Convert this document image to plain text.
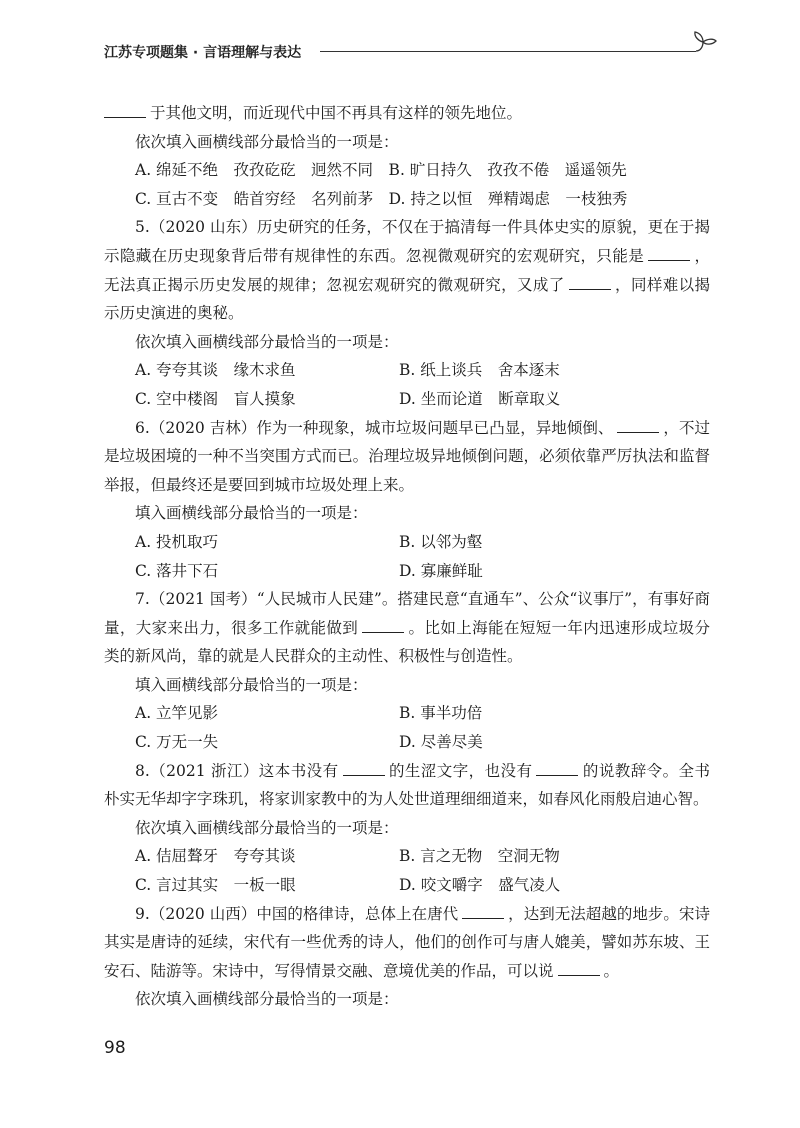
江苏专项题集 · 言语理解与表达

于其他文明，而近现代中国不再具有这样的领先地位。

依次填入画横线部分最恰当的一项是：

A. 绵延不绝　孜孜矻矻　迥然不同　B. 旷日持久　孜孜不倦　遥遥领先
C. 亘古不变　皓首穷经　名列前茅　D. 持之以恒　殚精竭虑　一枝独秀

5.（2020 山东）历史研究的任务，不仅在于搞清每一件具体史实的原貌，更在于揭示隐藏在历史现象背后带有规律性的东西。忽视微观研究的宏观研究，只能是	，无法真正揭示历史发展的规律；忽视宏观研究的微观研究，又成了	，同样难以揭示历史演进的奥秘。

依次填入画横线部分最恰当的一项是：

A. 夸夸其谈　缘木求鱼	B. 纸上谈兵　舍本逐末
C. 空中楼阁　盲人摸象	D. 坐而论道　断章取义

6.（2020 吉林）作为一种现象，城市垃圾问题早已凸显，异地倾倒、	，不过是垃圾困境的一种不当突围方式而已。治理垃圾异地倾倒问题，必须依靠严厉执法和监督举报，但最终还是要回到城市垃圾处理上来。

填入画横线部分最恰当的一项是：

A. 投机取巧	B. 以邻为壑
C. 落井下石	D. 寡廉鲜耻

7.（2021 国考）“人民城市人民建”。搭建民意“直通车”、公众“议事厅”，有事好商量，大家来出力，很多工作就能做到	。比如上海能在短短一年内迅速形成垃圾分类的新风尚，靠的就是人民群众的主动性、积极性与创造性。

填入画横线部分最恰当的一项是：

A. 立竿见影	B. 事半功倍
C. 万无一失	D. 尽善尽美

8.（2021 浙江）这本书没有	的生涩文字，也没有	的说教辞令。全书朴实无华却字字珠玑，将家训家教中的为人处世道理细细道来，如春风化雨般启迪心智。

依次填入画横线部分最恰当的一项是：

A. 佶屈聱牙　夸夸其谈	B. 言之无物　空洞无物
C. 言过其实　一板一眼	D. 咬文嚼字　盛气凌人

9.（2020 山西）中国的格律诗，总体上在唐代	，达到无法超越的地步。宋诗其实是唐诗的延续，宋代有一些优秀的诗人，他们的创作可与唐人媲美，譬如苏东坡、王安石、陆游等。宋诗中，写得情景交融、意境优美的作品，可以说	。

依次填入画横线部分最恰当的一项是：

98
